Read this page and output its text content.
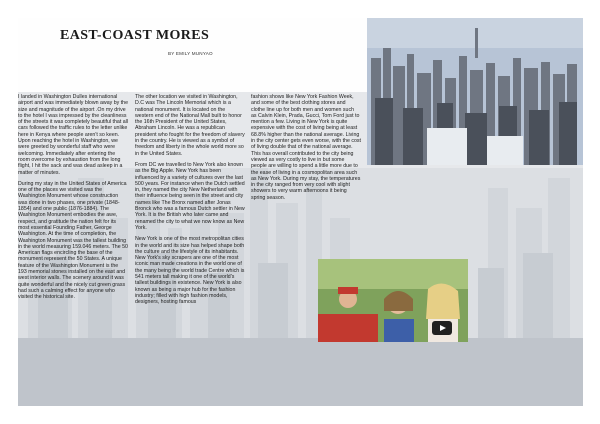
EAST-COAST MORES
BY EMILY MUNYAO

I landed in Washington Dulles international airport and was immediately blown away by the size and magnitude of the airport .On my drive to the hotel I was impressed by the cleanliness of the streets it was completely beautiful that all cars followed the traffic rules to the letter unlike here in Kenya where people aren't so keen. Upon reaching the hotel in Washington, we were greeted by wonderful staff who were welcoming. Immediately after entering the room overcome by exhaustion from the long flight, I hit the sack and was dead asleep in a matter of minutes.

During my stay in the United States of America one of the places we visited was the Washington Monument whose construction was done in two phases, one private (1848-1854) and one public (1876-1884). The Washington Monument embodies the awe, respect, and gratitude the nation felt for its most essential Founding Father, George Washington. At the time of completion, the Washington Monument was the tallest building in the world measuring 159.046 meters. The 50 American flags encircling the base of the monument represent the 50 States. A unique feature of the Washington Monument is the 193 memorial stones installed on the east and west interior walls. The scenery around it was quite wonderful and the nicely cut green grass had such a calming effect for anyone who visited the historical site.

The other location we visited in Washington, D.C was The Lincoln Memorial which is a national monument. It is located on the western end of the National Mall built to honor the 16th President of the United States, Abraham Lincoln. He was a republican president who fought for the freedom of slavery in the country. He is viewed as a symbol of freedom and liberty in the whole world more so in the United States.

From DC we travelled to New York also known as the Big Apple. New York has been influenced by a variety of cultures over the last 500 years. For instance when the Dutch settled in, they named the city New Netherland with their influence being seen in the street and city names like The Bronx named after Jonas Bronck who was a famous Dutch settler in New York. It is the British who later came and renamed the city to what we now know as New York.

New York is one of the most metropolitan cities in the world and its size has helped shape both the culture and the lifestyle of its inhabitants. New York's sky scrapers are one of the most iconic man made creations in the world one of the many being the world trade Centre which is 541 meters tall making it one of the world's tallest buildings in existence. New York is also known as being a major hub for the fashion industry; filled with high fashion models, designers, hosting famous

fashion shows like New York Fashion Week, and some of the best clothing stores and clothe line up for both men and women such as Calvin Klein, Prada, Gucci, Tom Ford just to mention a few. Living in New York is quite expensive with the cost of living being at least 68.8% higher than the national average. Living in the city center gets even worse, with the cost of living double that of the national average. This has overall contributed to the city being viewed as very costly to live in but some people are willing to spend a little more due to the ease of living in a cosmopolitan area such as New York. During my stay, the temperatures in the city ranged from very cool with slight showers to very warm afternoons it being spring season.
